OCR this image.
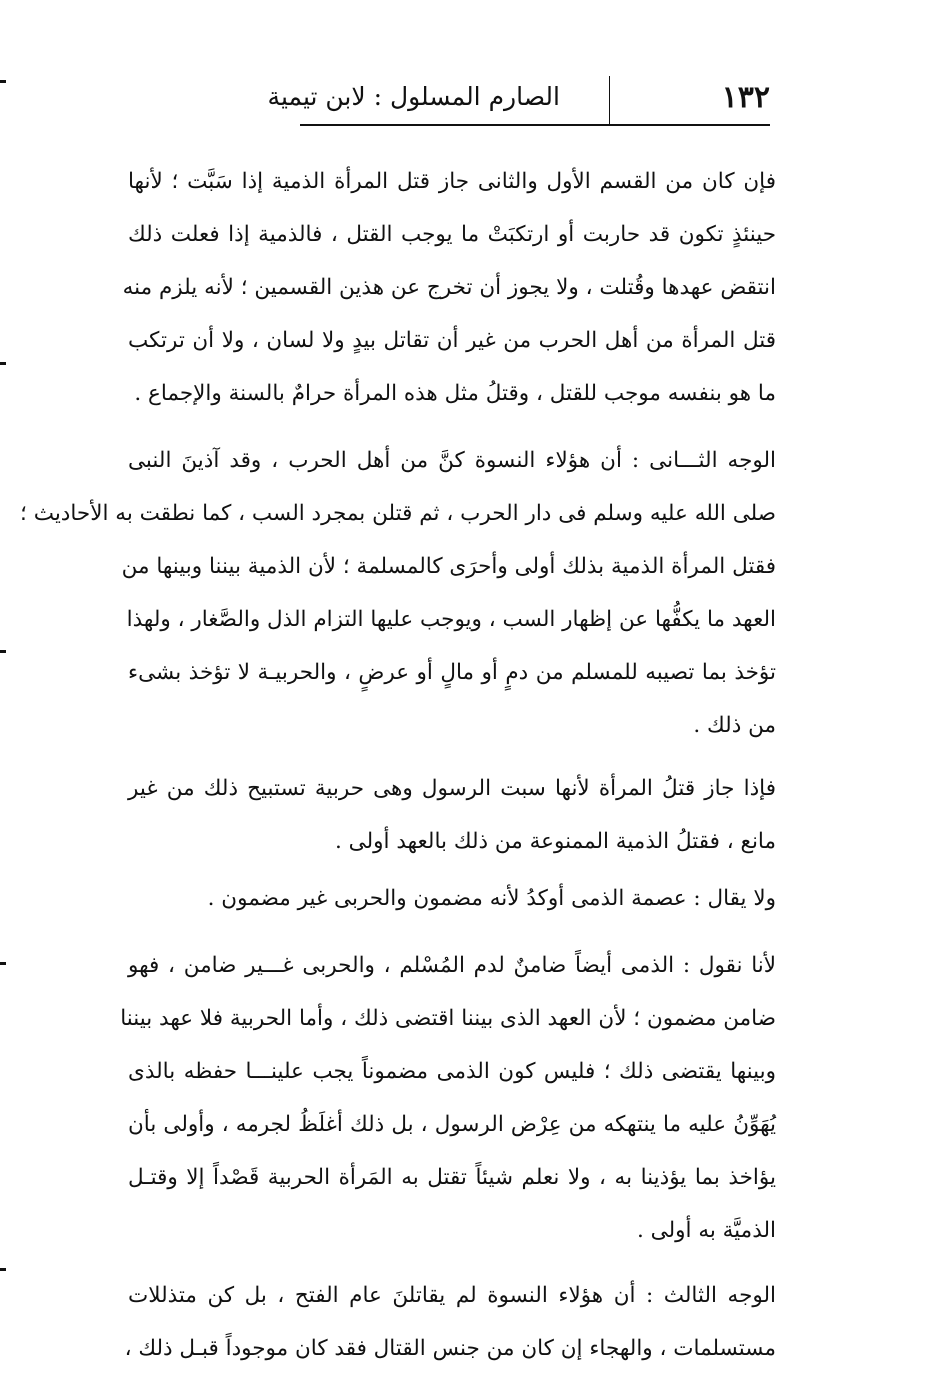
١٣٢
الصارم المسلول : لابن تيمية
فإن كان من القسم الأول والثانى جاز قتل المرأة الذمية إذا سَبَّت ؛ لأنها
حينئذٍ تكون قد حاربت أو ارتكبَتْ ما يوجب القتل ، فالذمية إذا فعلت ذلك
انتقض عهدها وقُتلت ، ولا يجوز أن تخرج عن هذين القسمين ؛ لأنه يلزم منه
قتل المرأة من أهل الحرب من غير أن تقاتل بيدٍ ولا لسان ، ولا أن ترتكب
ما هو بنفسه موجب للقتل ، وقتلُ مثل هذه المرأة حرامٌ بالسنة والإجماع .
الوجه الثـــانى : أن هؤلاء النسوة كنَّ من أهل الحرب ، وقد آذينَ النبى
صلى الله عليه وسلم فى دار الحرب ، ثم قتلن بمجرد السب ، كما نطقت به الأحاديث ؛
فقتل المرأة الذمية بذلك أولى وأحرَى كالمسلمة ؛ لأن الذمية بيننا وبينها من
العهد ما يكفُّها عن إظهار السب ، ويوجب عليها التزام الذل والصَّغار ، ولهذا
تؤخذ بما تصيبه للمسلم من دمٍ أو مالٍ أو عرضٍ ، والحربيـة لا تؤخذ بشىء
من ذلك .
فإذا جاز قتلُ المرأة لأنها سبت الرسول وهى حربية تستبيح ذلك من غير
مانع ، فقتلُ الذمية الممنوعة من ذلك بالعهد أولى .
ولا يقال : عصمة الذمى أوكدُ لأنه مضمون والحربى غير مضمون .
لأنا نقول : الذمى أيضاً ضامنٌ لدم المُسْلم ، والحربى غـــير ضامن ، فهو
ضامن مضمون ؛ لأن العهد الذى بيننا اقتضى ذلك ، وأما الحربية فلا عهد بيننا
وبينها يقتضى ذلك ؛ فليس كون الذمى مضموناً يجب علينـــا حفظه بالذى
يُهَوِّنُ عليه ما ينتهكه من عِرْض الرسول ، بل ذلك أغلَظُ لجرمه ، وأولى بأن
يؤاخذ بما يؤذينا به ، ولا نعلم شيئاً تقتل به المَرأة الحربية قَصْداً إلا وقتـل
الذميَّة به أولى .
الوجه الثالث : أن هؤلاء النسوة لم يقاتلنَ عام الفتح ، بل كن متذللات
مستسلمات ، والهجاء إن كان من جنس القتال فقد كان موجوداً قبـل ذلك ،
